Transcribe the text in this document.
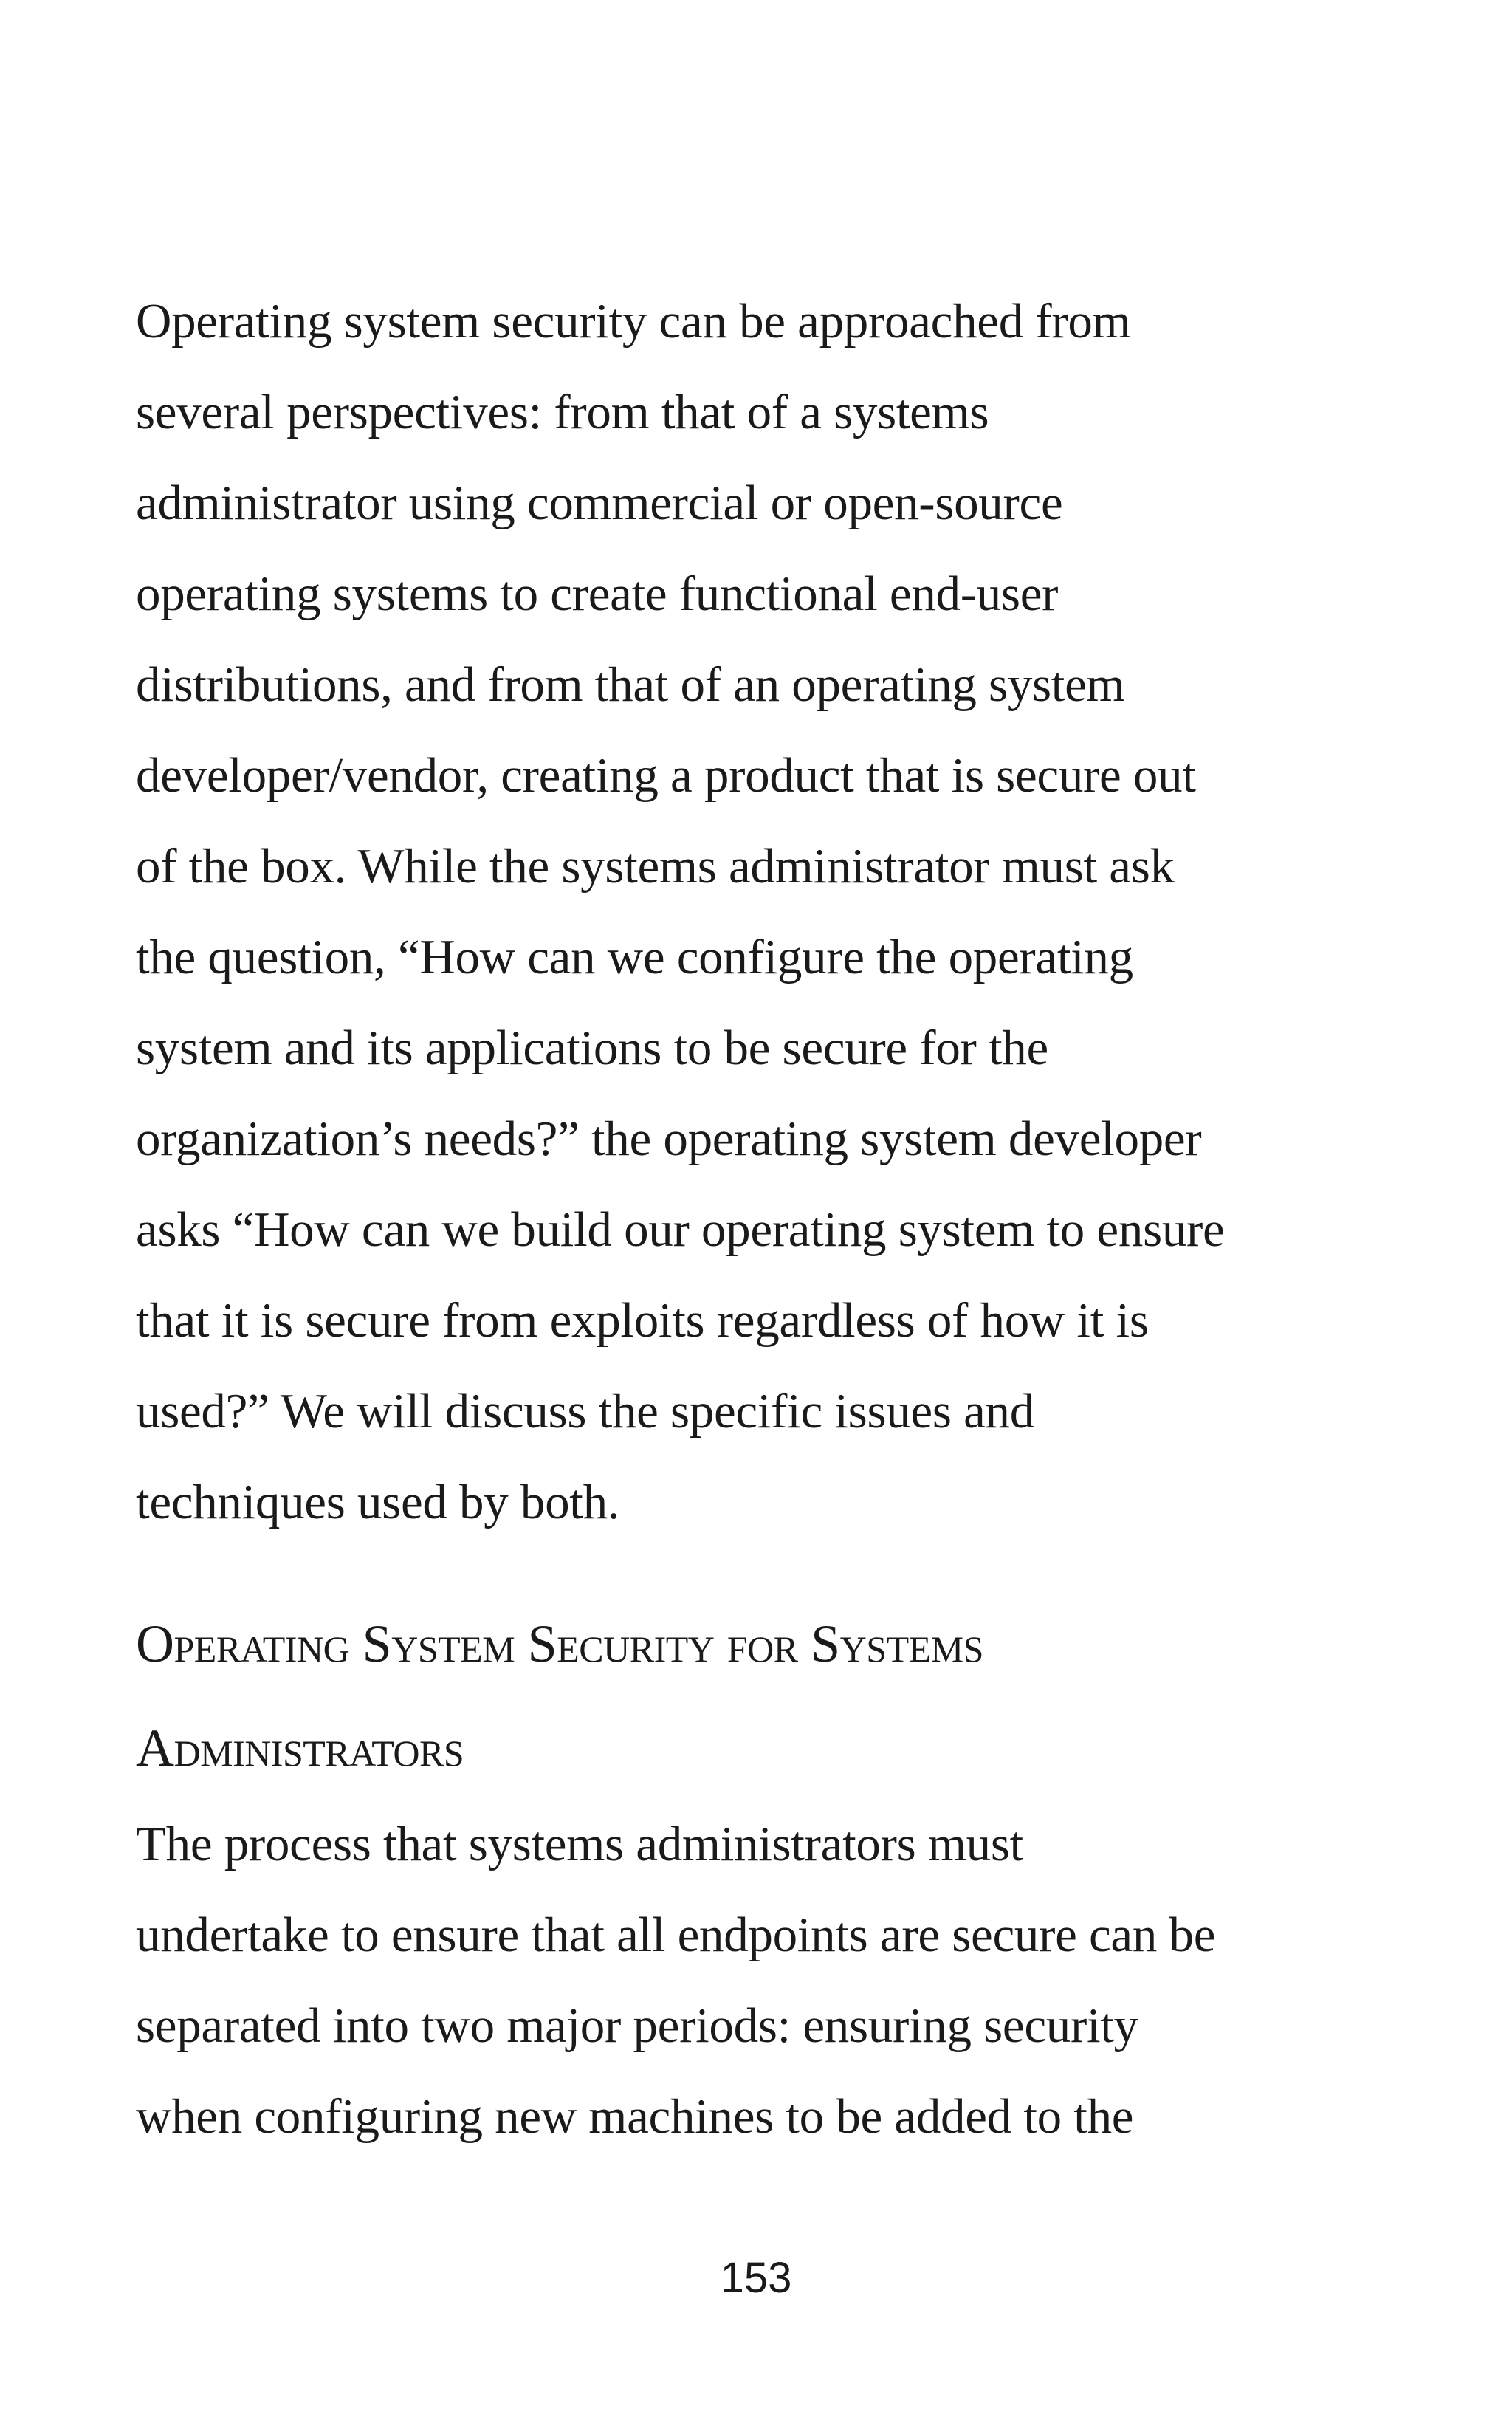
Operating system security can be approached from
several perspectives: from that of a systems
administrator using commercial or open-source
operating systems to create functional end-user
distributions, and from that of an operating system
developer/vendor, creating a product that is secure out
of the box. While the systems administrator must ask
the question, “How can we configure the operating
system and its applications to be secure for the
organization’s needs?” the operating system developer
asks “How can we build our operating system to ensure
that it is secure from exploits regardless of how it is
used?” We will discuss the specific issues and
techniques used by both.
Operating System Security for Systems
Administrators
The process that systems administrators must
undertake to ensure that all endpoints are secure can be
separated into two major periods: ensuring security
when configuring new machines to be added to the
153
